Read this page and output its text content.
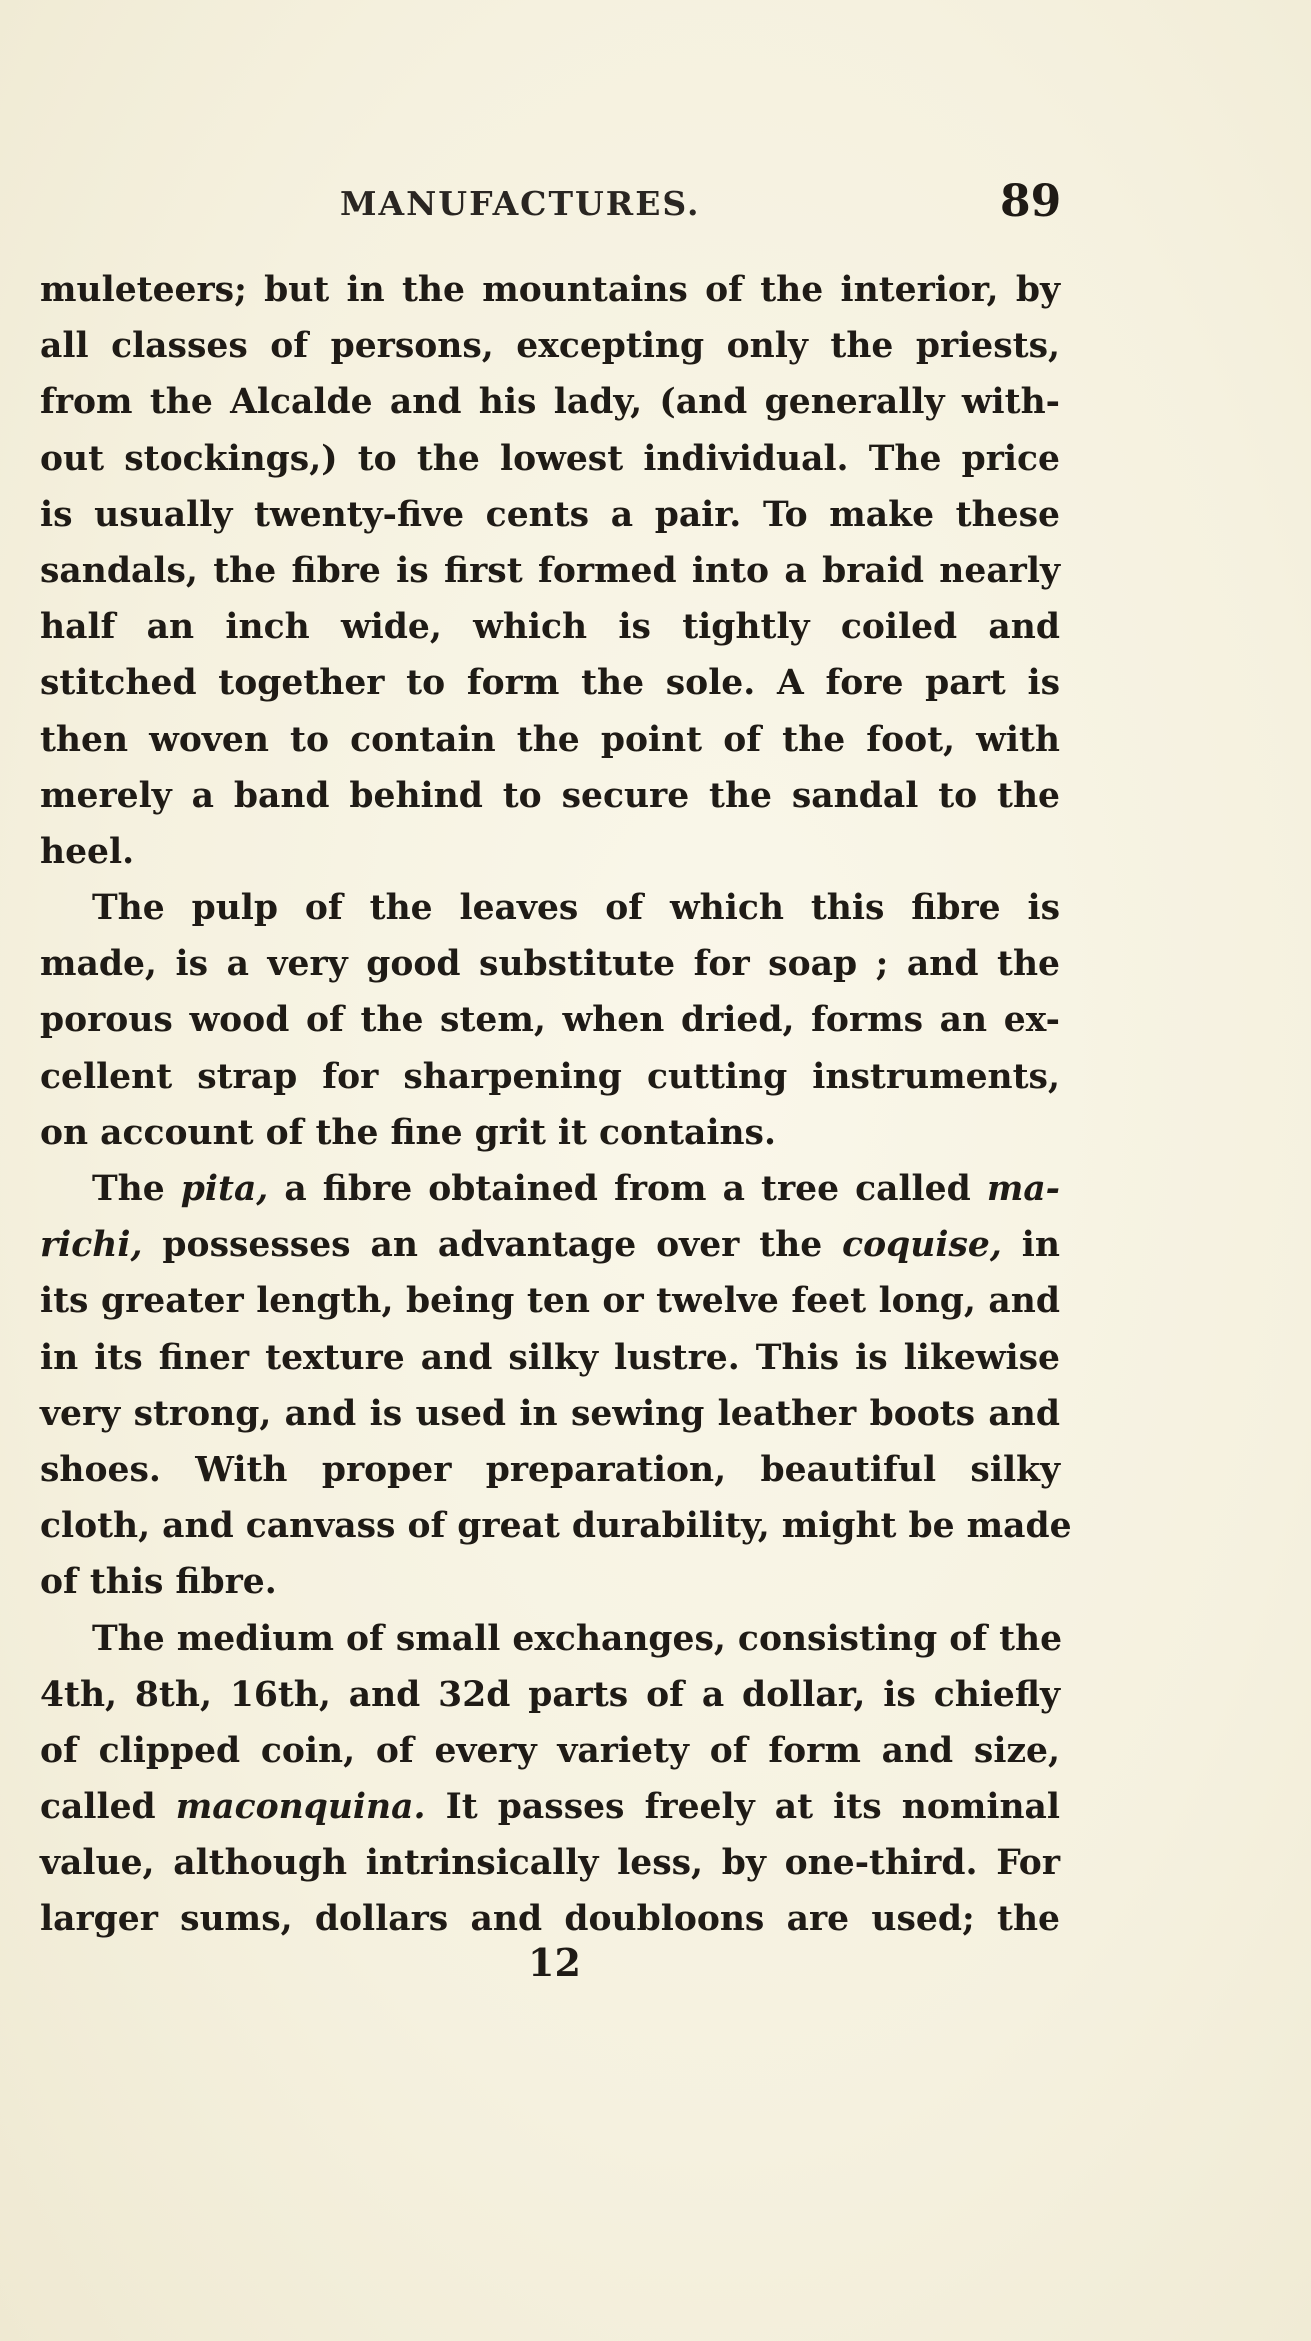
MANUFACTURES.	89
muleteers; but in the mountains of the interior, by
all classes of persons, excepting only the priests,
from the Alcalde and his lady, (and generally with-
out stockings,) to the lowest individual. The price
is usually twenty-five cents a pair. To make these
sandals, the fibre is first formed into a braid nearly
half an inch wide, which is tightly coiled and
stitched together to form the sole. A fore part is
then woven to contain the point of the foot, with
merely a band behind to secure the sandal to the
heel.
The pulp of the leaves of which this fibre is
made, is a very good substitute for soap ; and the
porous wood of the stem, when dried, forms an ex-
cellent strap for sharpening cutting instruments,
on account of the fine grit it contains.
The pita, a fibre obtained from a tree called ma-
richi, possesses an advantage over the coquise, in
its greater length, being ten or twelve feet long, and
in its finer texture and silky lustre. This is likewise
very strong, and is used in sewing leather boots and
shoes. With proper preparation, beautiful silky
cloth, and canvass of great durability, might be made
of this fibre.
The medium of small exchanges, consisting of the
4th, 8th, 16th, and 32d parts of a dollar, is chiefly
of clipped coin, of every variety of form and size,
called maconquina. It passes freely at its nominal
value, although intrinsically less, by one-third. For
larger sums, dollars and doubloons are used; the
12
